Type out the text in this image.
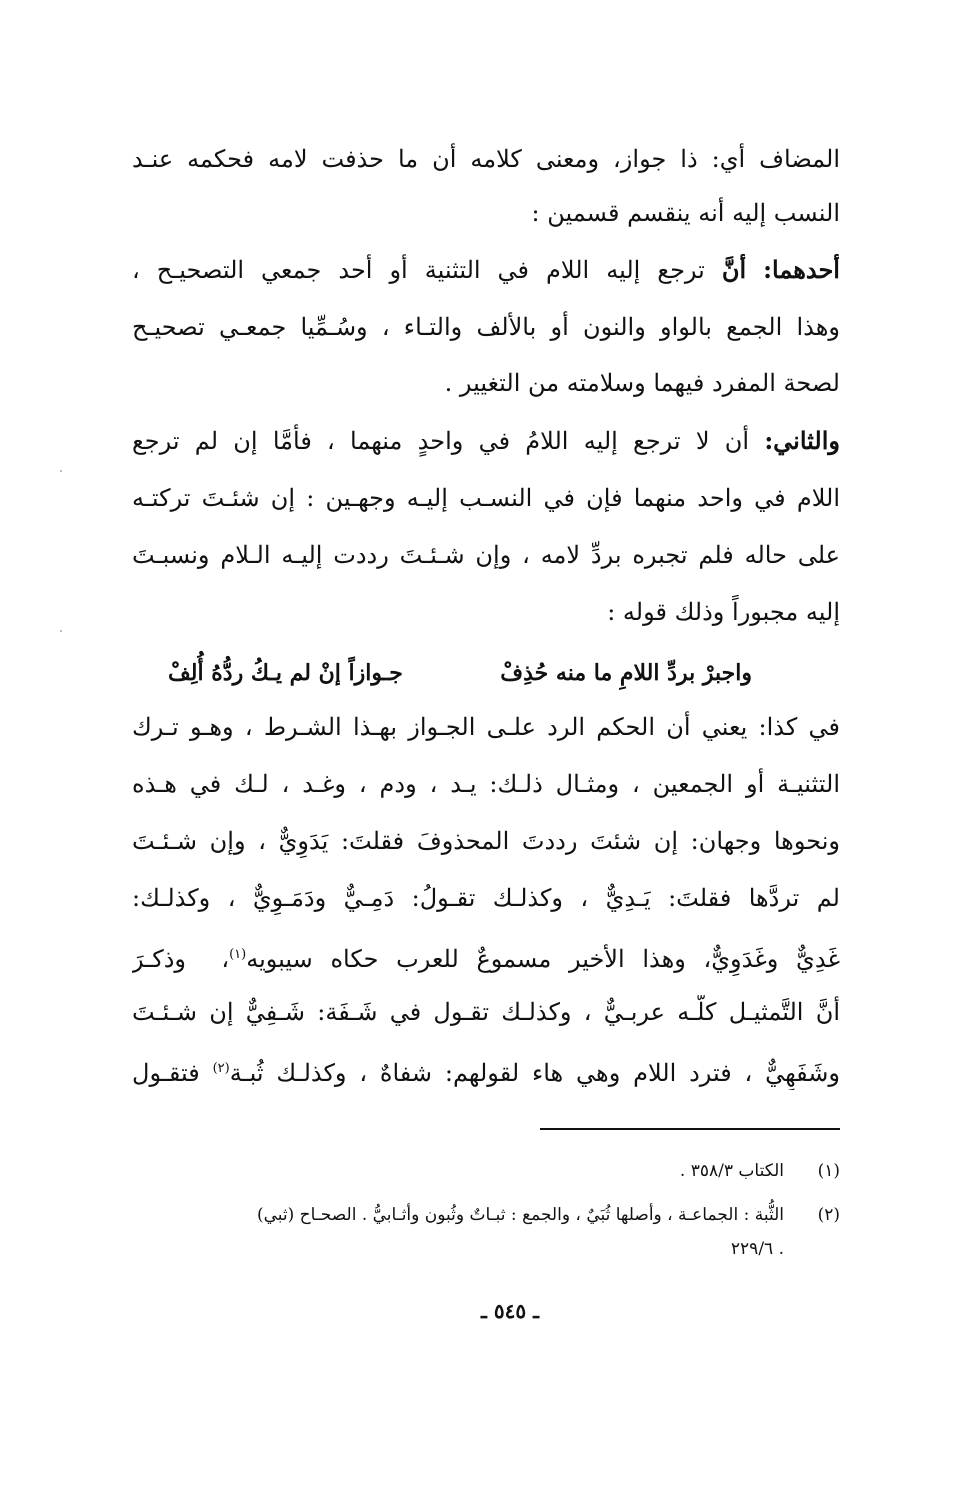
المضاف أي: ذا جواز، ومعنى كلامه أن ما حذفت لامه فحكمه عنـد
النسب إليه أنه ينقسم قسمين :
أحدهما: أنَّ ترجع إليه اللام في التثنية أو أحد جمعي التصحيـح ،
وهذا الجمع بالواو والنون أو بالألف والتـاء ، وسُـمِّيا جمعـي تصحيـح
لصحة المفرد فيهما وسلامته من التغيير .
والثاني: أن لا ترجع إليه اللامُ في واحدٍ منهما ، فأمَّا إن لم ترجع
اللام في واحد منهما فإن في النسـب إليـه وجهـين : إن شئـتَ تركتـه
على حاله فلم تجبره بردِّ لامه ، وإن شـئـتَ رددت إليـه الـلام ونسبـتَ
إليه مجبوراً وذلك قوله :
واجبرْ بردِّ اللامِ ما منه حُذِفْ
جـوازاً إنْ لم يـكُ ردُّهُ أُلِفْ
في كذا: يعني أن الحكم الرد علـى الجـواز بهـذا الشـرط ، وهـو تـرك
التثنيـة أو الجمعين ، ومثـال ذلـك: يـد ، ودم ، وغـد ، لـك في هـذه
ونحوها وجهان: إن شئتَ رددتَ المحذوفَ فقلتَ: يَدَوِيٌّ ، وإن شـئـتَ
لم تردَّها فقلتَ: يَـدِيٌّ ، وكذلـك تقـولُ: دَمِـيٌّ ودَمَـوِيٌّ ، وكذلـك:
غَدِيٌّ وغَدَوِيٌّ، وهذا الأخير مسموعٌ للعرب حكاه سيبويه$^{(١)}$،  وذكـرَ
أنَّ التَّمثيـل كلَّـه عربـيٌّ ، وكذلـك تقـول في شَـفَة: شَـفِيٌّ إن شـئـتَ
وشَفَهِيٌّ ، فترد اللام وهي هاء لقولهم: شفاهٌ ، وكذلـك ثُبـة$^{(٢)}$ فتقـول
(١)
الكتاب ٣٥٨/٣ .
(٢)
الثُّبة : الجماعـة ، وأصلها ثُبَيٌ ، والجمع : ثبـاتٌ وثُبون وأثـابيُّ . الصحـاح (ثبي)
. ٢٢٩/٦
ـ ٥٤٥ ـ
